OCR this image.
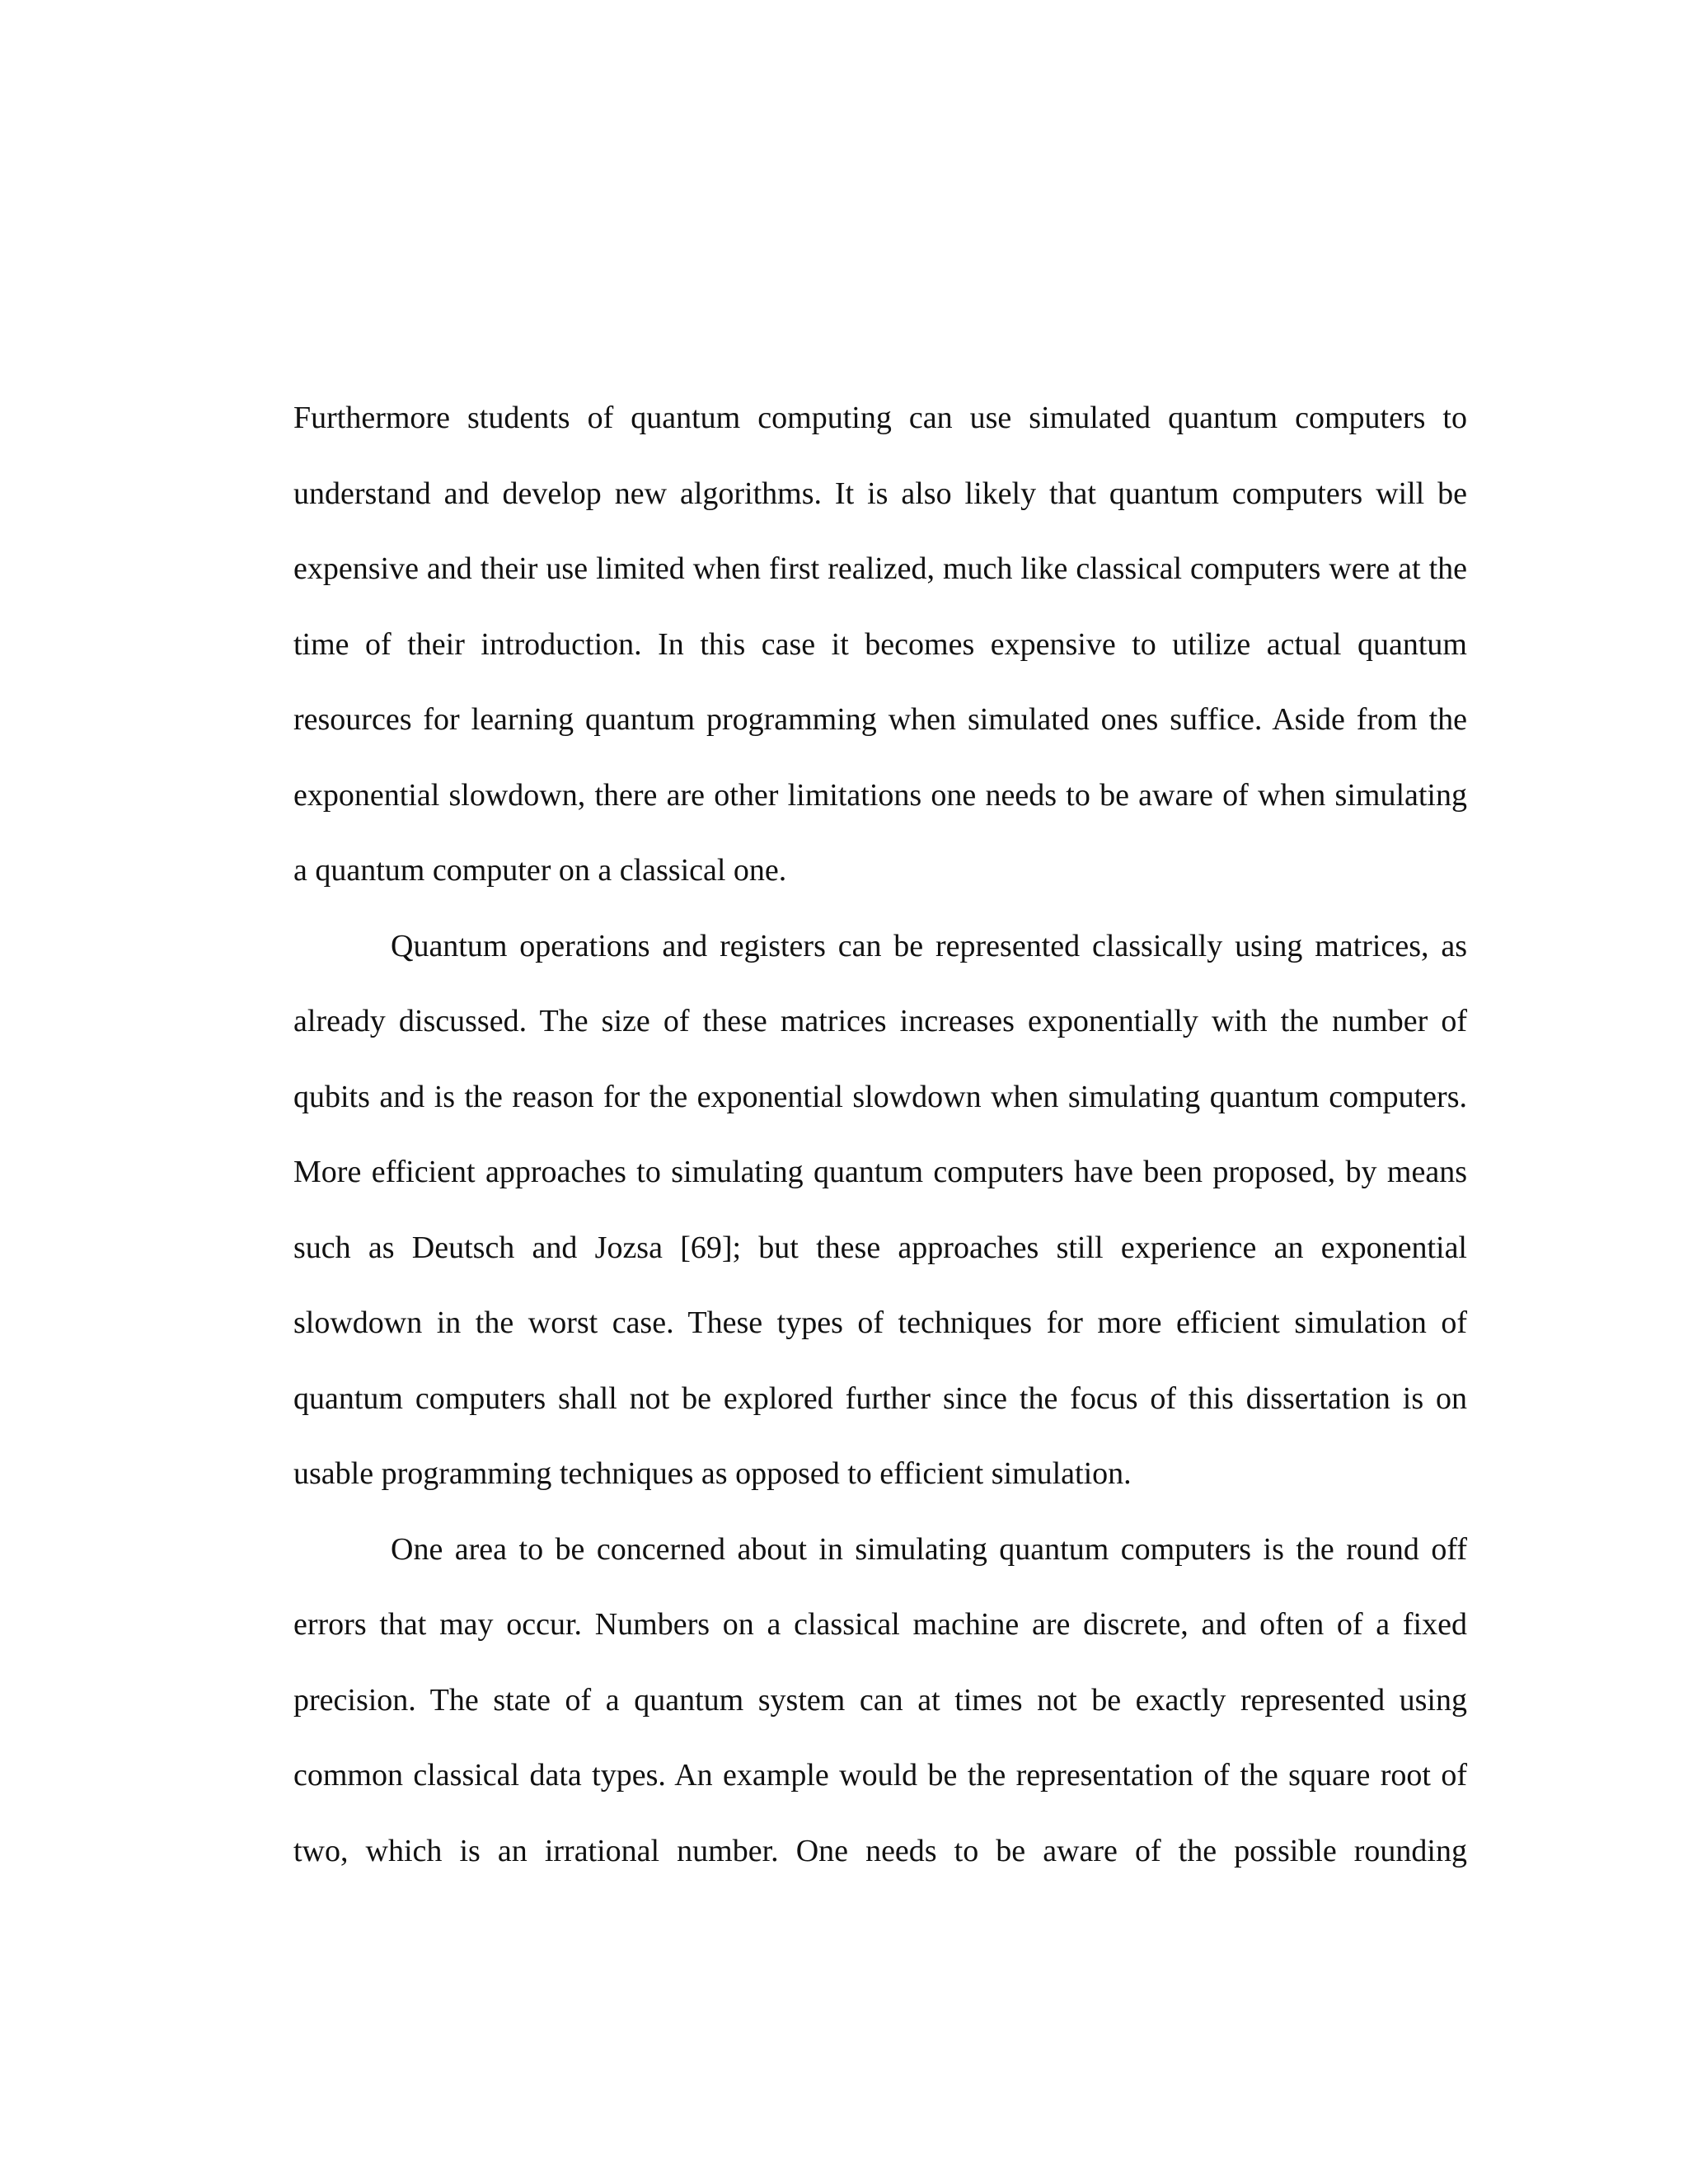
Furthermore students of quantum computing can use simulated quantum computers to understand and develop new algorithms. It is also likely that quantum computers will be expensive and their use limited when first realized, much like classical computers were at the time of their introduction. In this case it becomes expensive to utilize actual quantum resources for learning quantum programming when simulated ones suffice. Aside from the exponential slowdown, there are other limitations one needs to be aware of when simulating a quantum computer on a classical one.

Quantum operations and registers can be represented classically using matrices, as already discussed. The size of these matrices increases exponentially with the number of qubits and is the reason for the exponential slowdown when simulating quantum computers. More efficient approaches to simulating quantum computers have been proposed, by means such as Deutsch and Jozsa [69]; but these approaches still experience an exponential slowdown in the worst case. These types of techniques for more efficient simulation of quantum computers shall not be explored further since the focus of this dissertation is on usable programming techniques as opposed to efficient simulation.

One area to be concerned about in simulating quantum computers is the round off errors that may occur. Numbers on a classical machine are discrete, and often of a fixed precision. The state of a quantum system can at times not be exactly represented using common classical data types. An example would be the representation of the square root of two, which is an irrational number. One needs to be aware of the possible rounding
